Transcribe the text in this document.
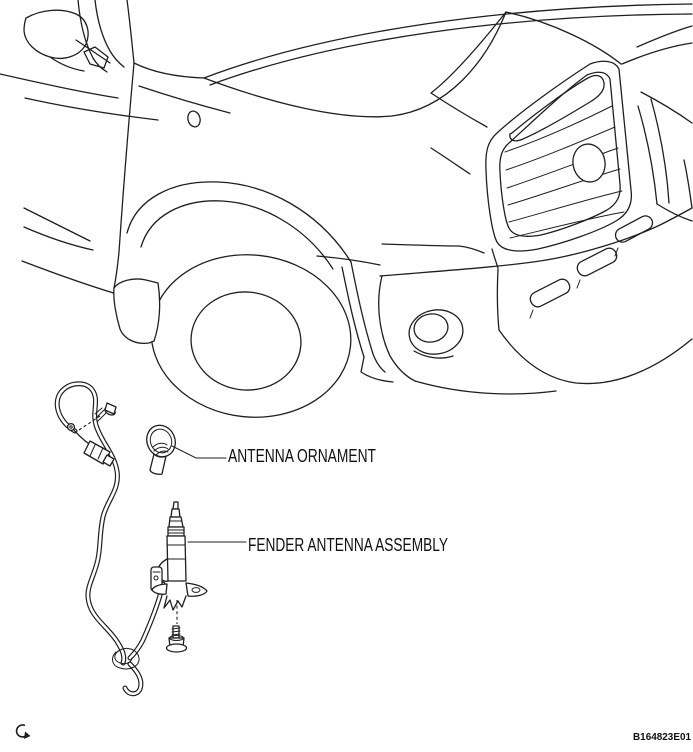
ANTENNA ORNAMENT
FENDER ANTENNA ASSEMBLY
B164823E01
